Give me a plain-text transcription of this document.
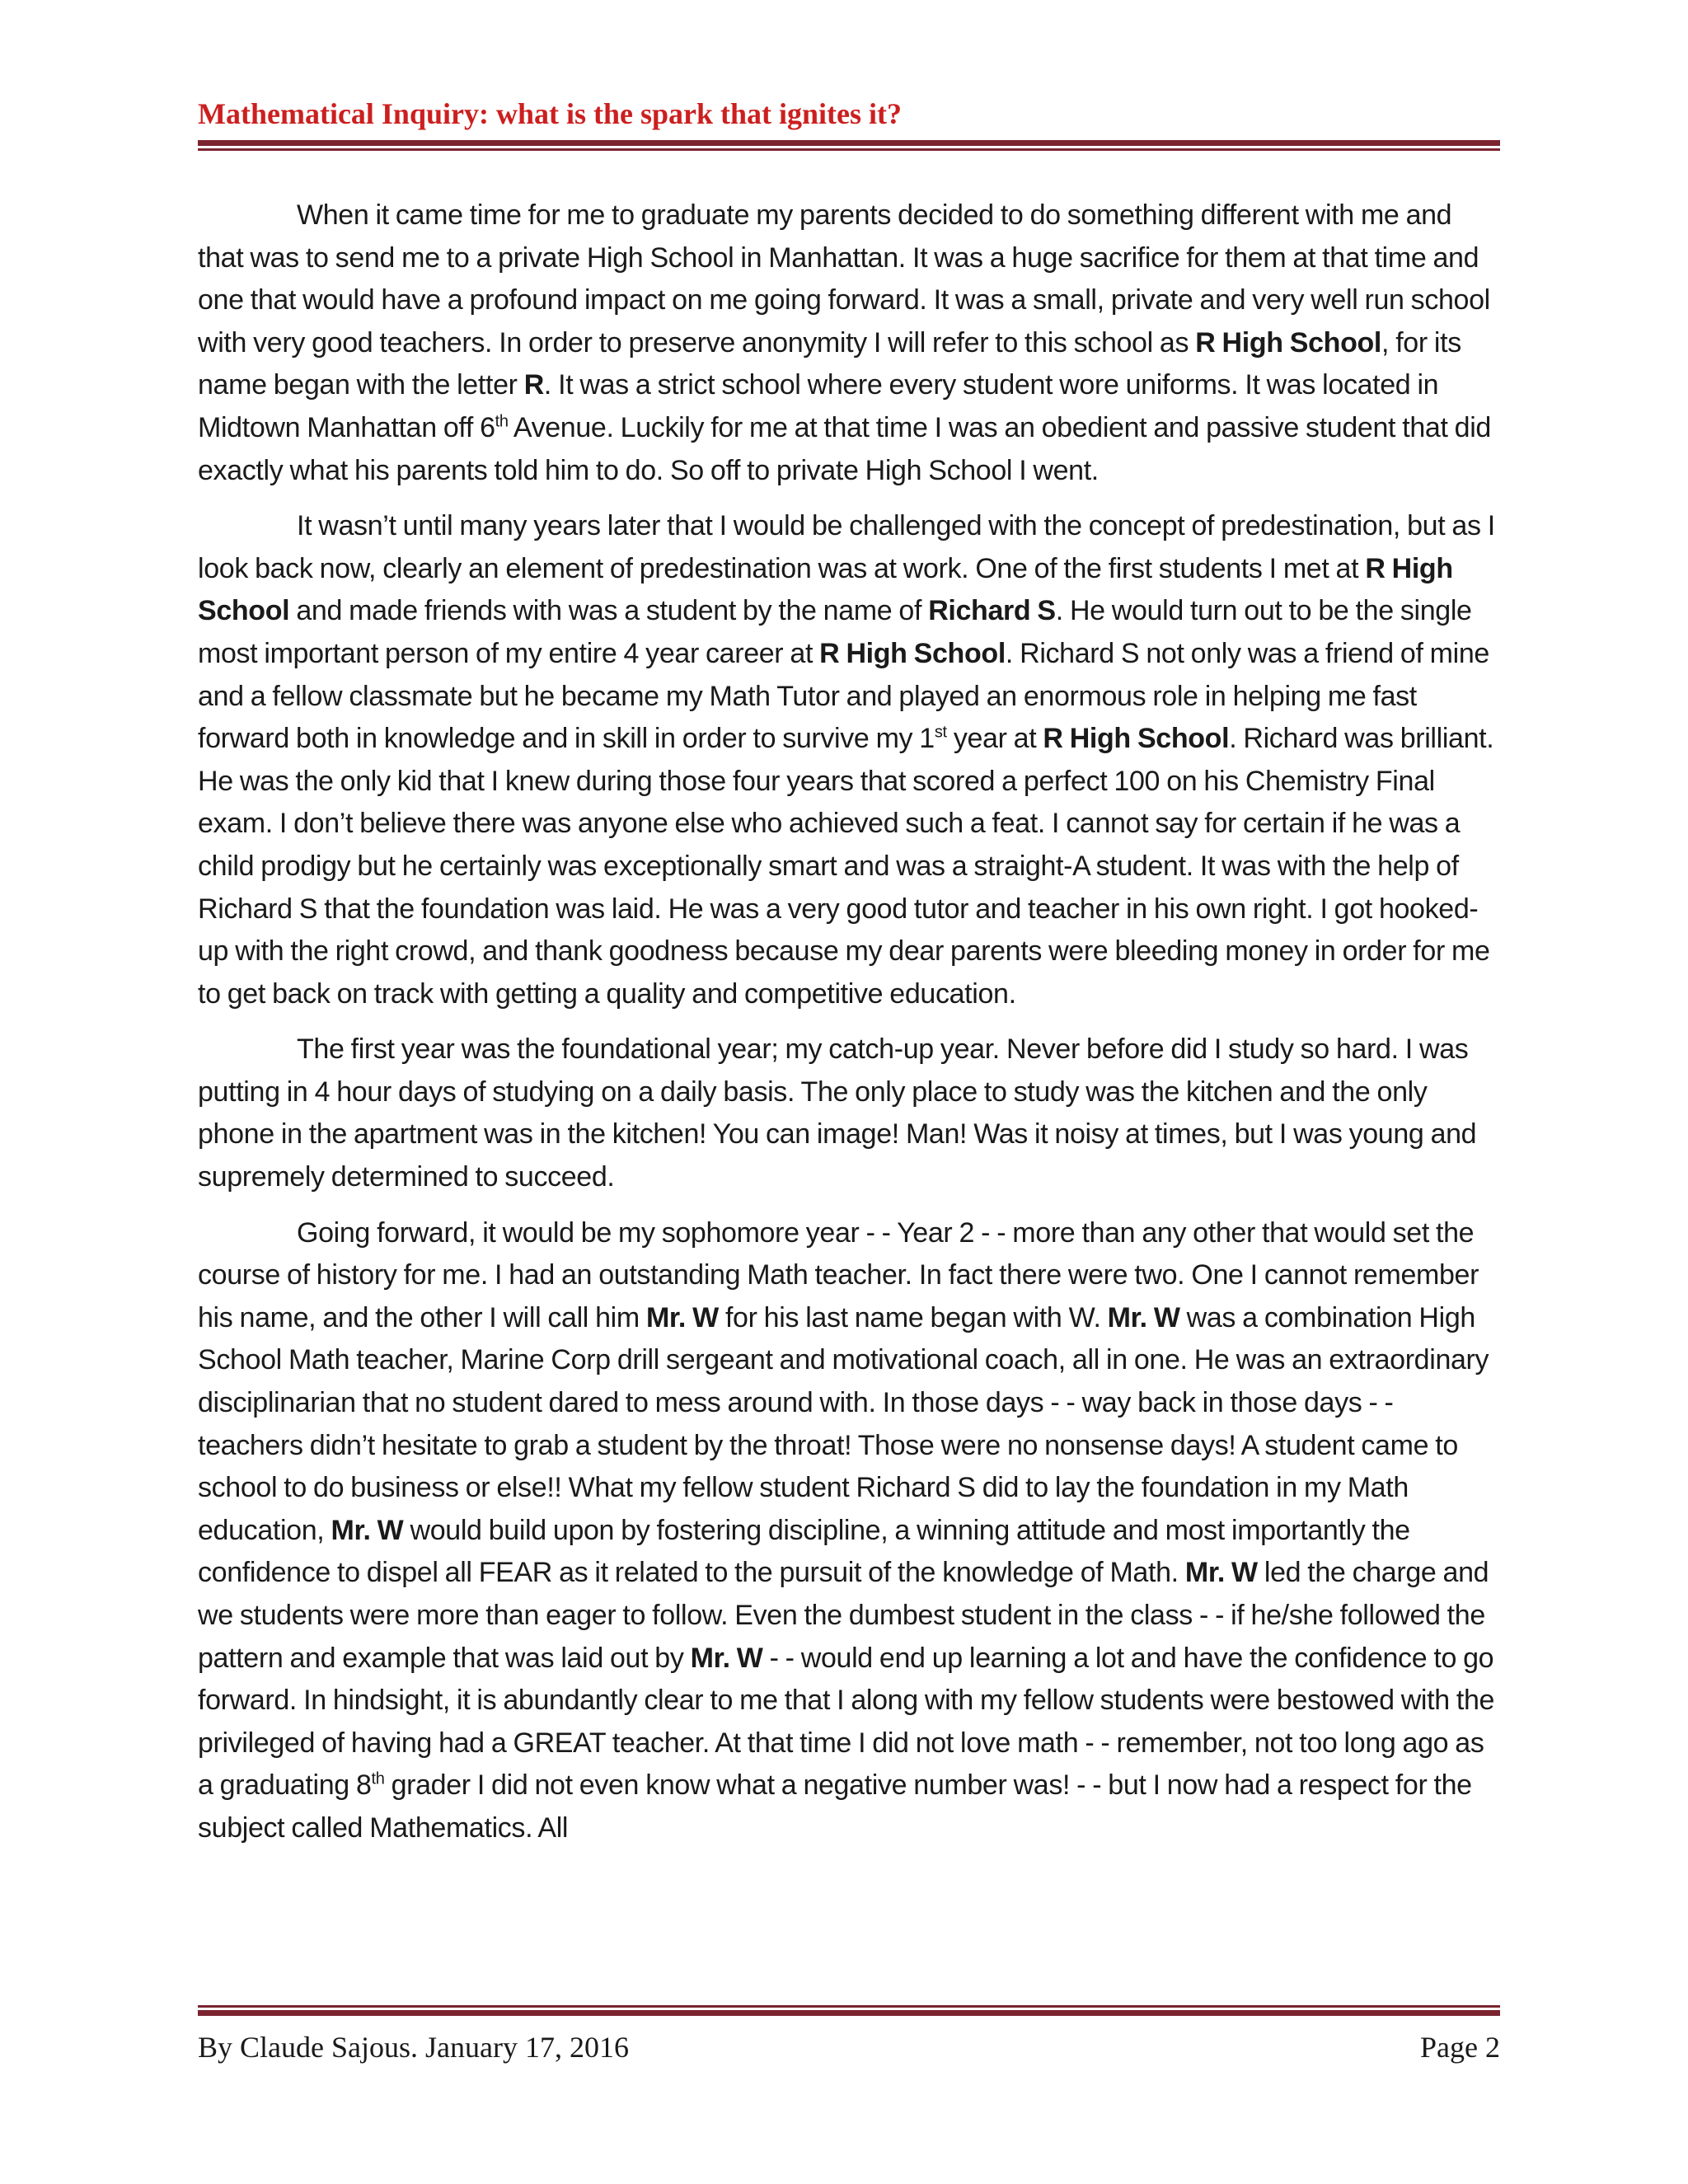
Mathematical Inquiry: what is the spark that ignites it?

When it came time for me to graduate my parents decided to do something different with me and that was to send me to a private High School in Manhattan. It was a huge sacrifice for them at that time and one that would have a profound impact on me going forward. It was a small, private and very well run school with very good teachers. In order to preserve anonymity I will refer to this school as R High School, for its name began with the letter R. It was a strict school where every student wore uniforms. It was located in Midtown Manhattan off 6th Avenue. Luckily for me at that time I was an obedient and passive student that did exactly what his parents told him to do. So off to private High School I went.

It wasn’t until many years later that I would be challenged with the concept of predestination, but as I look back now, clearly an element of predestination was at work. One of the first students I met at R High School and made friends with was a student by the name of Richard S. He would turn out to be the single most important person of my entire 4 year career at R High School. Richard S not only was a friend of mine and a fellow classmate but he became my Math Tutor and played an enormous role in helping me fast forward both in knowledge and in skill in order to survive my 1st year at R High School. Richard was brilliant. He was the only kid that I knew during those four years that scored a perfect 100 on his Chemistry Final exam. I don’t believe there was anyone else who achieved such a feat. I cannot say for certain if he was a child prodigy but he certainly was exceptionally smart and was a straight-A student. It was with the help of Richard S that the foundation was laid. He was a very good tutor and teacher in his own right. I got hooked-up with the right crowd, and thank goodness because my dear parents were bleeding money in order for me to get back on track with getting a quality and competitive education.

The first year was the foundational year; my catch-up year. Never before did I study so hard. I was putting in 4 hour days of studying on a daily basis. The only place to study was the kitchen and the only phone in the apartment was in the kitchen! You can image! Man! Was it noisy at times, but I was young and supremely determined to succeed.

Going forward, it would be my sophomore year - - Year 2 - - more than any other that would set the course of history for me. I had an outstanding Math teacher. In fact there were two. One I cannot remember his name, and the other I will call him Mr. W for his last name began with W. Mr. W was a combination High School Math teacher, Marine Corp drill sergeant and motivational coach, all in one. He was an extraordinary disciplinarian that no student dared to mess around with. In those days - - way back in those days - - teachers didn’t hesitate to grab a student by the throat! Those were no nonsense days! A student came to school to do business or else!! What my fellow student Richard S did to lay the foundation in my Math education, Mr. W would build upon by fostering discipline, a winning attitude and most importantly the confidence to dispel all FEAR as it related to the pursuit of the knowledge of Math. Mr. W led the charge and we students were more than eager to follow. Even the dumbest student in the class - - if he/she followed the pattern and example that was laid out by Mr. W - - would end up learning a lot and have the confidence to go forward. In hindsight, it is abundantly clear to me that I along with my fellow students were bestowed with the privileged of having had a GREAT teacher. At that time I did not love math - - remember, not too long ago as a graduating 8th grader I did not even know what a negative number was! - - but I now had a respect for the subject called Mathematics. All

By Claude Sajous. January 17, 2016	Page 2
